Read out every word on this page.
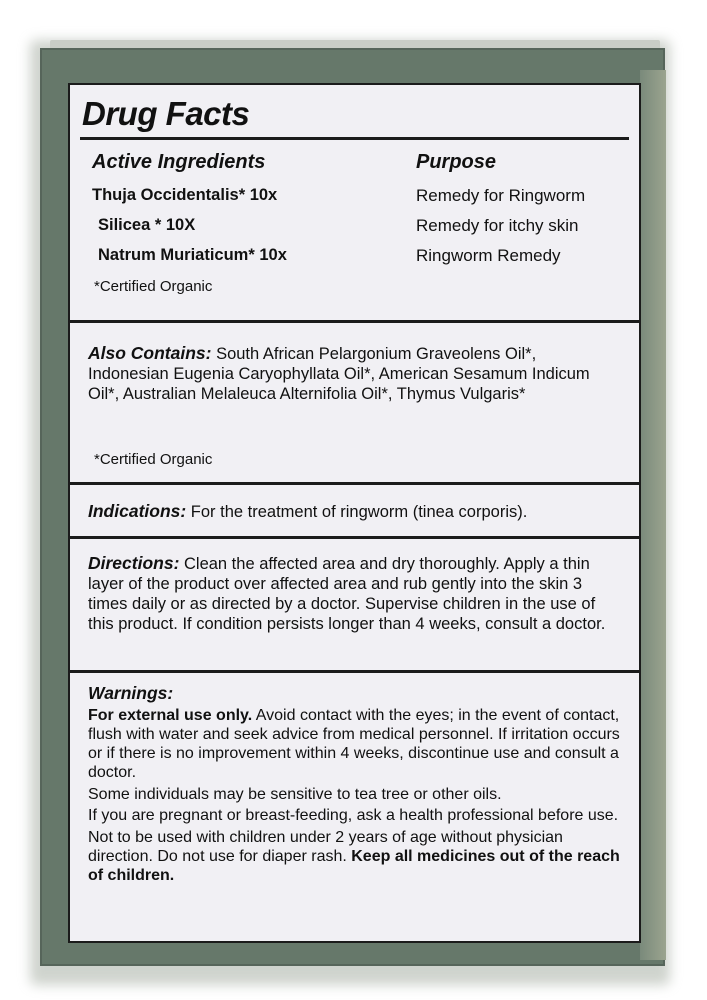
Drug Facts
Active Ingredients	Purpose
Thuja Occidentalis* 10x	Remedy for Ringworm
Silicea * 10X	Remedy for itchy skin
Natrum Muriaticum* 10x	Ringworm Remedy
*Certified Organic
Also Contains: South African Pelargonium Graveolens Oil*, Indonesian Eugenia Caryophyllata Oil*, American Sesamum Indicum Oil*, Australian Melaleuca Alternifolia Oil*, Thymus Vulgaris*
*Certified Organic
Indications: For the treatment of ringworm (tinea corporis).
Directions: Clean the affected area and dry thoroughly. Apply a thin layer of the product over affected area and rub gently into the skin 3 times daily or as directed by a doctor. Supervise children in the use of this product. If condition persists longer than 4 weeks, consult a doctor.
Warnings:

For external use only. Avoid contact with the eyes; in the event of contact, flush with water and seek advice from medical personnel. If irritation occurs or if there is no improvement within 4 weeks, discontinue use and consult a doctor.

Some individuals may be sensitive to tea tree or other oils.

If you are pregnant or breast-feeding, ask a health professional before use.

Not to be used with children under 2 years of age without physician direction. Do not use for diaper rash. Keep all medicines out of the reach of children.
